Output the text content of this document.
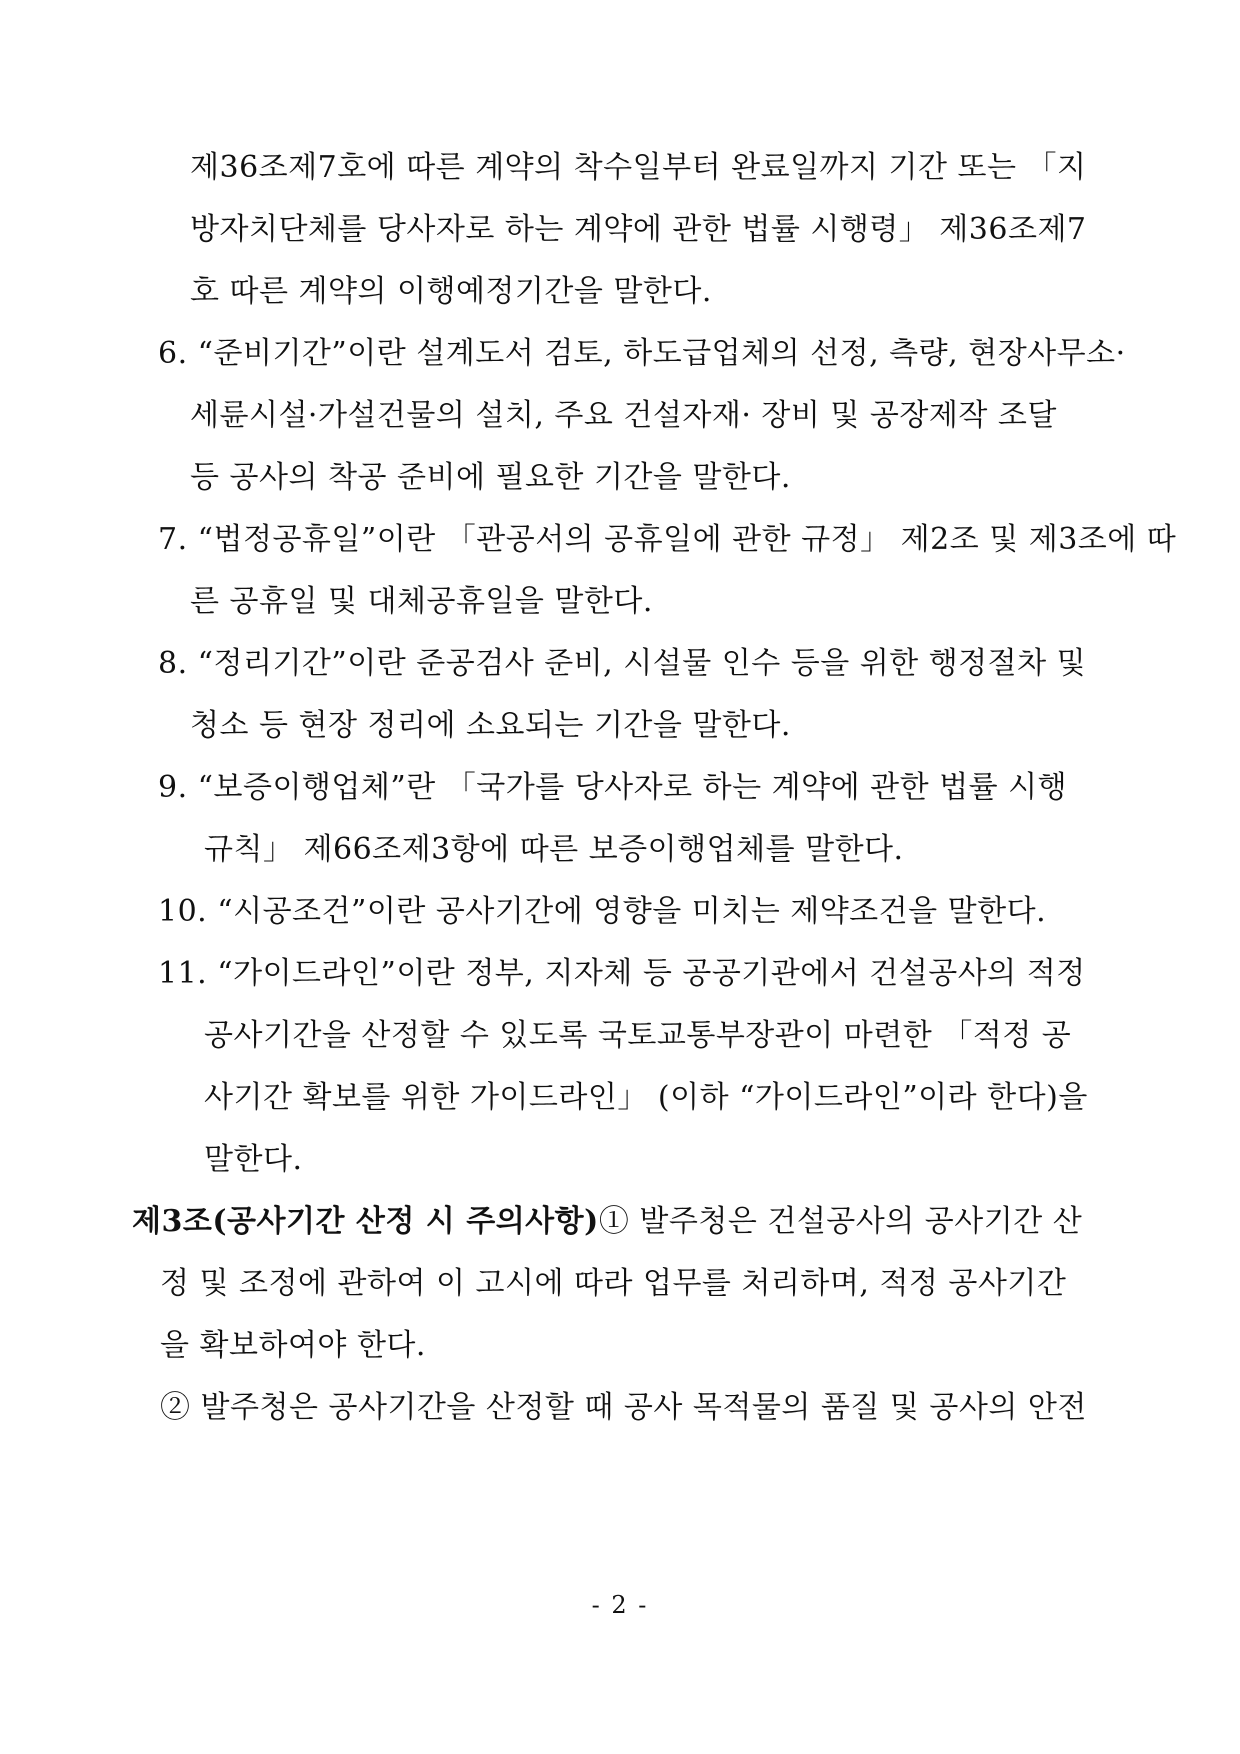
제36조제7호에 따른 계약의 착수일부터 완료일까지 기간 또는 「지
방자치단체를 당사자로 하는 계약에 관한 법률 시행령」 제36조제7
호 따른 계약의 이행예정기간을 말한다.
6. “준비기간”이란 설계도서 검토, 하도급업체의 선정, 측량, 현장사무소·
세륜시설·가설건물의 설치, 주요 건설자재· 장비 및 공장제작 조달
등 공사의 착공 준비에 필요한 기간을 말한다.
7. “법정공휴일”이란 「관공서의 공휴일에 관한 규정」 제2조 및 제3조에 따
른 공휴일 및 대체공휴일을 말한다.
8. “정리기간”이란 준공검사 준비, 시설물 인수 등을 위한 행정절차 및
청소 등 현장 정리에 소요되는 기간을 말한다.
9. “보증이행업체”란 「국가를 당사자로 하는 계약에 관한 법률 시행
규칙」 제66조제3항에 따른 보증이행업체를 말한다.
10. “시공조건”이란 공사기간에 영향을 미치는 제약조건을 말한다.
11. “가이드라인”이란 정부, 지자체 등 공공기관에서 건설공사의 적정
공사기간을 산정할 수 있도록 국토교통부장관이 마련한 「적정 공
사기간 확보를 위한 가이드라인」 (이하 “가이드라인”이라 한다)을
말한다.
제3조(공사기간 산정 시 주의사항) ① 발주청은 건설공사의 공사기간 산
정 및 조정에 관하여 이 고시에 따라 업무를 처리하며, 적정 공사기간
을 확보하여야 한다.
② 발주청은 공사기간을 산정할 때 공사 목적물의 품질 및 공사의 안전
- 2 -
